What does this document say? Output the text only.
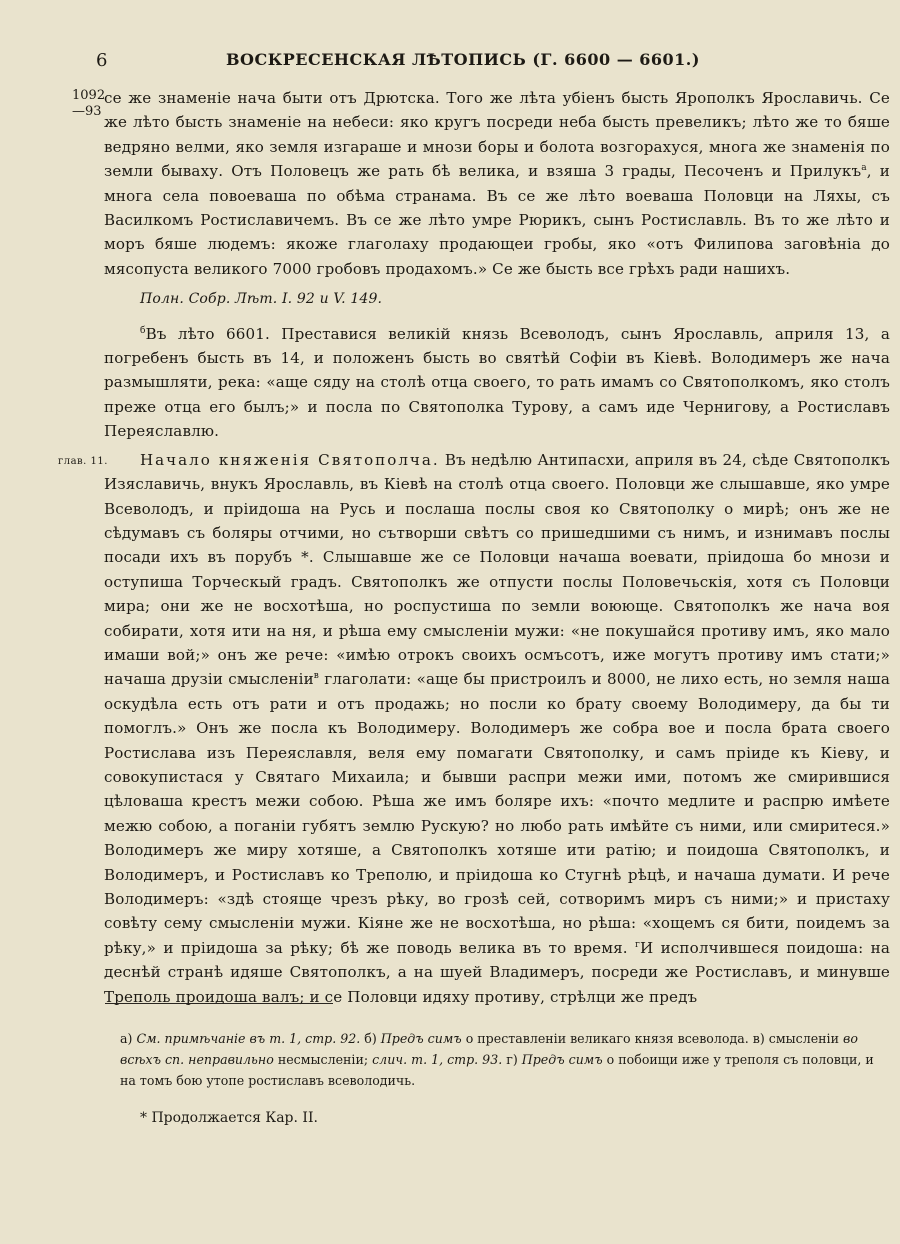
6	ВОСКРЕСЕНСКАЯ ЛѢТОПИСЬ (Г. 6600 — 6601.)
1092
—93
глав. 11.

се же знаменіе нача быти отъ Дрютска. Того же лѣта убіенъ бысть Ярополкъ Ярославичь. Се же лѣто бысть знаменіе на небеси: яко кругъ посреди неба бысть превеликъ; лѣто же то бяше ведряно велми, яко земля изгараше и мнози боры и болота возгорахуся, многа же знаменія по земли бываху. Отъ Половецъ же рать бѣ велика, и взяша 3 грады, Песоченъ и Прилукъ$^а$, и многа села повоеваша по обѣма странама. Въ се же лѣто воеваша Половци на Ляхы, съ Василкомъ Ростиславичемъ. Въ се же лѣто умре Рюрикъ, сынъ Ростиславль. Въ то же лѣто и моръ бяше людемъ: якоже глаголаху продающеи гробы, яко «отъ Филипова заговѣніа до мясопуста великого 7000 гробовъ продахомъ.» Се же бысть все грѣхъ ради нашихъ.

Полн. Собр. Лѣт. I. 92 и V. 149.

$^б$Въ лѣто 6601. Преставися великій князь Всеволодъ, сынъ Ярославль, априля 13, а погребенъ бысть въ 14, и положенъ бысть во святѣй Софіи въ Кіевѣ. Володимеръ же нача размышляти, река: «аще сяду на столѣ отца своего, то рать имамъ со Святополкомъ, яко столъ преже отца его былъ;» и посла по Святополка Турову, а самъ иде Черниговy, а Ростиславъ Переяславлю.

Начало княженія Святополча. Въ недѣлю Антипасхи, априля въ 24, сѣде Святополкъ Изяславичь, внукъ Ярославль, въ Кіевѣ на столѣ отца своего. Половци же слышавше, яко умре Всеволодъ, и пріидоша на Русь и послаша послы своя ко Святополку о мирѣ; онъ же не сѣдумавъ съ боляры отчими, но сътворши свѣтъ со пришедшими съ нимъ, и изнимавъ послы посади ихъ въ порубъ *. Слышавше же се Половци начаша воевати, пріидоша бо мнози и оступиша Торческый градъ. Святополкъ же отпусти послы Половечьскія, хотя съ Половци мира; они же не восхотѣша, но роспустиша по земли воююще. Святополкъ же нача воя собирати, хотя ити на ня, и рѣша ему смысленіи мужи: «не покушайся противу имъ, яко мало имаши вой;» онъ же рече: «имѣю отрокъ своихъ осмъсотъ, иже могутъ противу имъ стати;» начаша друзіи смысленіи$^в$ глаголати: «аще бы пристроилъ и 8000, не лихо есть, но земля наша оскудѣла есть отъ рати и отъ продажь; но посли ко брату своему Володимеру, да бы ти помоглъ.» Онъ же посла къ Володимеру. Володимеръ же собра вое и посла брата своего Ростислава изъ Переяславля, веля ему помагати Святополку, и самъ пріиде къ Кіеву, и совокупистася у Святаго Михаила; и бывши распри межи ими, потомъ же смирившися цѣловаша крестъ межи собою. Рѣша же имъ боляре ихъ: «почто медлите и распрю имѣете межю собою, а поганіи губятъ землю Рускую? но любо рать имѣйте съ ними, или смиритеся.» Володимеръ же миру хотяше, а Святополкъ хотяше ити ратію; и поидоша Святополкъ, и Володимеръ, и Ростиславъ ко Треполю, и пріидоша ко Стугнѣ рѣцѣ, и начаша думати. И рече Володимеръ: «здѣ стояще чрезъ рѣку, во грозѣ сей, сотворимъ миръ съ ними;» и пристаху совѣту сему смысленіи мужи. Кіяне же не восхотѣша, но рѣша: «хощемъ ся бити, поидемъ за рѣку,» и пріидоша за рѣку; бѣ же поводь велика въ то время. $^г$И исполчившеся поидоша: на деснѣй странѣ идяше Святополкъ, а на шуей Владимеръ, посреди же Ростиславъ, и минувше Треполь проидоша валъ; и се Половци идяху противу, стрѣлци же предъ

а) См. примѣчаніе въ т. 1, стр. 92. б) Предъ симъ о преставленіи великаго князя всеволода. в) смысленіи во всѣхъ сп. неправильно несмысленіи; слич. т. 1, стр. 93. г) Предъ симъ о побоищи иже у треполя съ половци, и на томъ бою утопе ростиславъ всеволодичь.

* Продолжается Кар. II.
